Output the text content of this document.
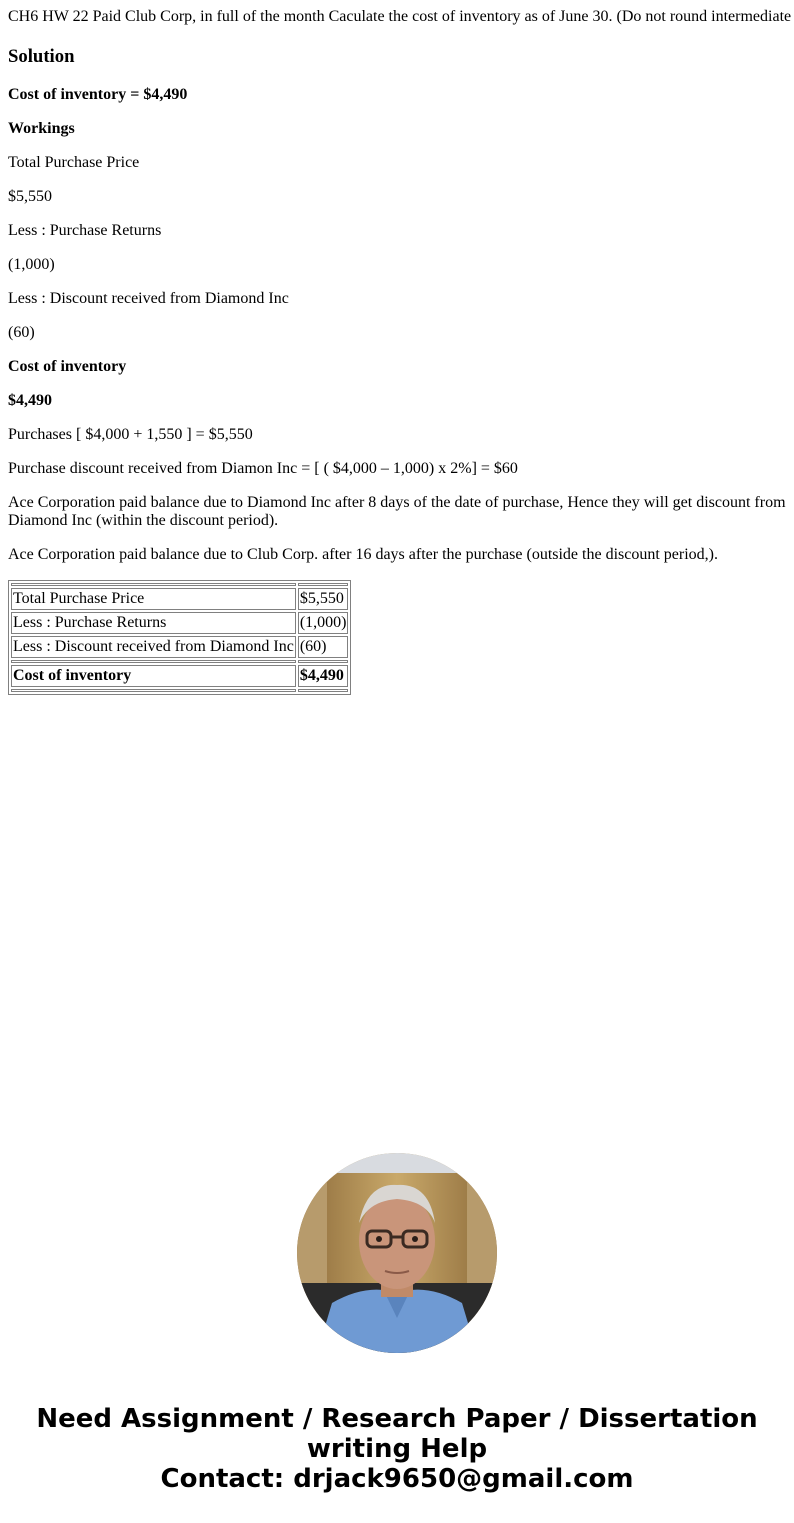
CH6 HW 22 Paid Club Corp, in full of the month Caculate the cost of inventory as of June 30. (Do not round intermediate
Solution

Cost of inventory = $4,490

Workings

Total Purchase Price

$5,550

Less : Purchase Returns

(1,000)

Less : Discount received from Diamond Inc

(60)

Cost of inventory

$4,490

Purchases [ $4,000 + 1,550 ] = $5,550

Purchase discount received from Diamon Inc = [ ( $4,000 – 1,000) x 2%] = $60

Ace Corporation paid balance due to Diamond Inc after 8 days of the date of purchase, Hence they will get discount from Diamond Inc (within the discount period).

Ace Corporation paid balance due to Club Corp. after 16 days after the purchase (outside the discount period,).

Total Purchase Price	$5,550
Less : Purchase Returns	(1,000)
Less : Discount received from Diamond Inc	(60)

Cost of inventory	$4,490

Need Assignment / Research Paper / Dissertation
writing Help
Contact: drjack9650@gmail.com
